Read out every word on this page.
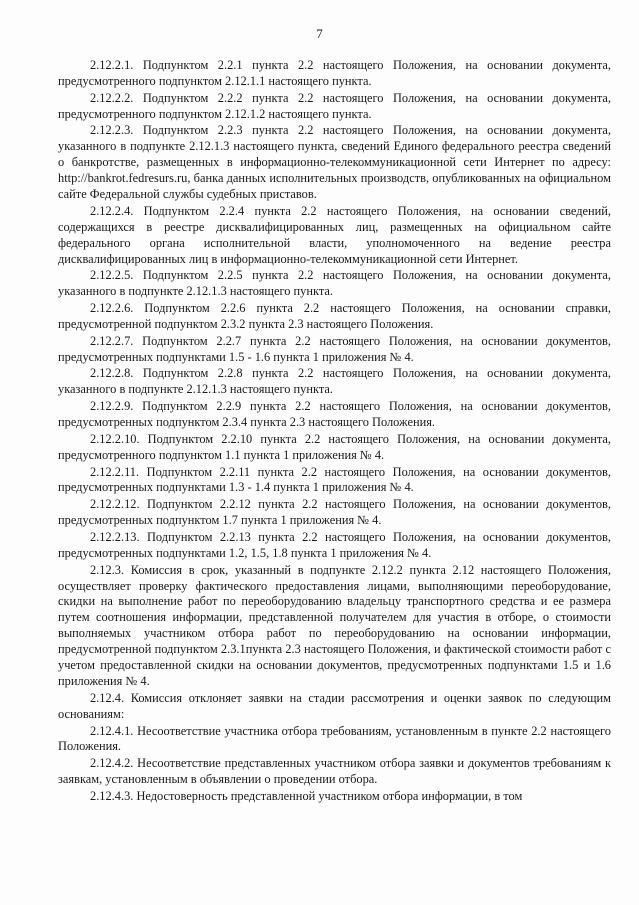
7

2.12.2.1. Подпунктом 2.2.1 пункта 2.2 настоящего Положения, на основании документа, предусмотренного подпунктом 2.12.1.1 настоящего пункта.

2.12.2.2. Подпунктом 2.2.2 пункта 2.2 настоящего Положения, на основании документа, предусмотренного подпунктом 2.12.1.2 настоящего пункта.

2.12.2.3. Подпунктом 2.2.3 пункта 2.2 настоящего Положения, на основании документа, указанного в подпункте 2.12.1.3 настоящего пункта, сведений Единого федерального реестра сведений о банкротстве, размещенных в информационно-телекоммуникационной сети Интернет по адресу: http://bankrot.fedresurs.ru, банка данных исполнительных производств, опубликованных на официальном сайте Федеральной службы судебных приставов.

2.12.2.4. Подпунктом 2.2.4 пункта 2.2 настоящего Положения, на основании сведений, содержащихся в реестре дисквалифицированных лиц, размещенных на официальном сайте федерального органа исполнительной власти, уполномоченного на ведение реестра дисквалифицированных лиц в информационно-телекоммуникационной сети Интернет.

2.12.2.5. Подпунктом 2.2.5 пункта 2.2 настоящего Положения, на основании документа, указанного в подпункте 2.12.1.3 настоящего пункта.

2.12.2.6. Подпунктом 2.2.6 пункта 2.2 настоящего Положения, на основании справки, предусмотренной подпунктом 2.3.2 пункта 2.3 настоящего Положения.

2.12.2.7. Подпунктом 2.2.7 пункта 2.2 настоящего Положения, на основании документов, предусмотренных подпунктами 1.5 - 1.6 пункта 1 приложения № 4.

2.12.2.8. Подпунктом 2.2.8 пункта 2.2 настоящего Положения, на основании документа, указанного в подпункте 2.12.1.3 настоящего пункта.

2.12.2.9. Подпунктом 2.2.9 пункта 2.2 настоящего Положения, на основании документов, предусмотренных подпунктом 2.3.4 пункта 2.3 настоящего Положения.

2.12.2.10. Подпунктом 2.2.10 пункта 2.2 настоящего Положения, на основании документа, предусмотренного подпунктом 1.1 пункта 1 приложения № 4.

2.12.2.11. Подпунктом 2.2.11 пункта 2.2 настоящего Положения, на основании документов, предусмотренных подпунктами 1.3 - 1.4 пункта 1 приложения № 4.

2.12.2.12. Подпунктом 2.2.12 пункта 2.2 настоящего Положения, на основании документов, предусмотренных подпунктом 1.7 пункта 1 приложения № 4.

2.12.2.13. Подпунктом 2.2.13 пункта 2.2 настоящего Положения, на основании документов, предусмотренных подпунктами 1.2, 1.5, 1.8 пункта 1 приложения № 4.

2.12.3. Комиссия в срок, указанный в подпункте 2.12.2 пункта 2.12 настоящего Положения, осуществляет проверку фактического предоставления лицами, выполняющими переоборудование, скидки на выполнение работ по переоборудованию владельцу транспортного средства и ее размера путем соотношения информации, представленной получателем для участия в отборе, о стоимости выполняемых участником отбора работ по переоборудованию на основании информации, предусмотренной подпунктом 2.3.1пункта 2.3 настоящего Положения, и фактической стоимости работ с учетом предоставленной скидки на основании документов, предусмотренных подпунктами 1.5 и 1.6 приложения № 4.

2.12.4. Комиссия отклоняет заявки на стадии рассмотрения и оценки заявок по следующим основаниям:

2.12.4.1. Несоответствие участника отбора требованиям, установленным в пункте 2.2 настоящего Положения.

2.12.4.2. Несоответствие представленных участником отбора заявки и документов требованиям к заявкам, установленным в объявлении о проведении отбора.

2.12.4.3. Недостоверность представленной участником отбора информации, в том
